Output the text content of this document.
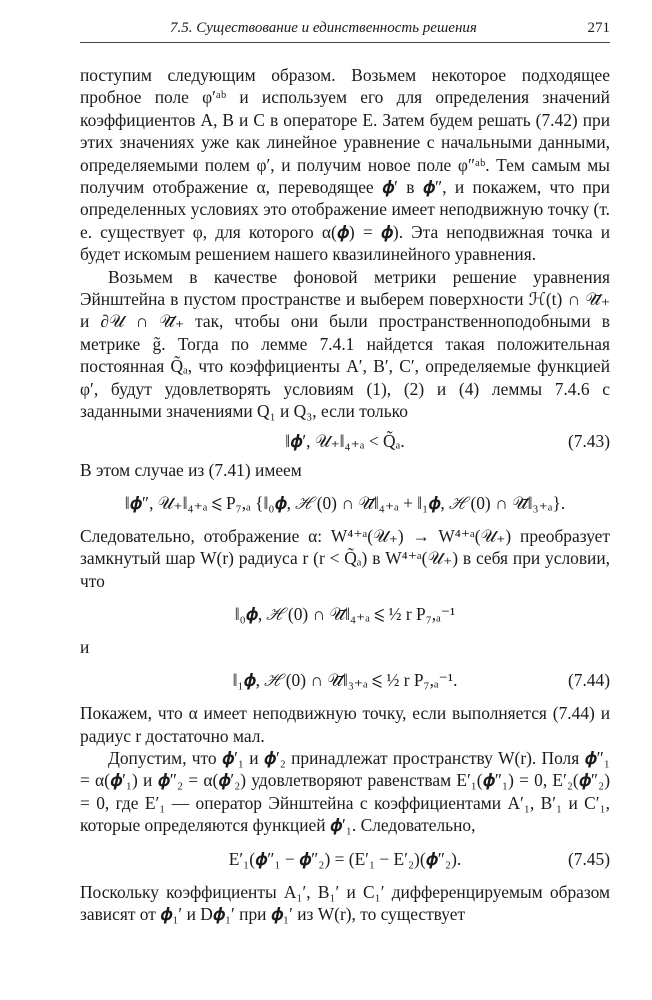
7.5. Существование и единственность решения	271

поступим следующим образом. Возьмем некоторое подходящее пробное поле φ′ᵃᵇ и используем его для определения значений коэффициентов A, B и C в операторе E. Затем будем решать (7.42) при этих значениях уже как линейное уравнение с начальными данными, определяемыми полем φ′, и получим новое поле φ″ᵃᵇ. Тем самым мы получим отображение α, переводящее 𝝓′ в 𝝓″, и покажем, что при определенных условиях это отображение имеет неподвижную точку (т. е. существует φ, для которого α(𝝓) = 𝝓). Эта неподвижная точка и будет искомым решением нашего квазилинейного уравнения.

Возьмем в качестве фоновой метрики решение уравнения Эйнштейна в пустом пространстве и выберем поверхности ℋ(t) ∩ 𝒰̄₊ и ∂𝒰 ∩ 𝒰̄₊ так, чтобы они были пространственноподобными в метрике g̃. Тогда по лемме 7.4.1 найдется такая положительная постоянная Q̃ₐ, что коэффициенты A′, B′, C′, определяемые функцией φ′, будут удовлетворять условиям (1), (2) и (4) леммы 7.4.6 с заданными значениями Q₁ и Q₃, если только

‖𝝓′, 𝒰₊‖₄₊ₐ < Q̃ₐ.	(7.43)

В этом случае из (7.41) имеем

‖𝝓″, 𝒰₊‖₄₊ₐ ⩽ P₇,ₐ {‖₀𝝓, ℋ(0) ∩ 𝒰̄‖₄₊ₐ + ‖₁𝝓, ℋ(0) ∩ 𝒰̄‖₃₊ₐ}.

Следовательно, отображение α: W⁴⁺ᵃ(𝒰₊) → W⁴⁺ᵃ(𝒰₊) преобразует замкнутый шар W(r) радиуса r (r < Q̃ₐ) в W⁴⁺ᵃ(𝒰₊) в себя при условии, что

‖₀𝝓, ℋ(0) ∩ 𝒰̄‖₄₊ₐ ⩽ ½ r P₇,ₐ⁻¹
и
‖₁𝝓, ℋ(0) ∩ 𝒰̄‖₃₊ₐ ⩽ ½ r P₇,ₐ⁻¹.	(7.44)

Покажем, что α имеет неподвижную точку, если выполняется (7.44) и радиус r достаточно мал.

Допустим, что 𝝓′₁ и 𝝓′₂ принадлежат пространству W(r). Поля 𝝓″₁ = α(𝝓′₁) и 𝝓″₂ = α(𝝓′₂) удовлетворяют равенствам E′₁(𝝓″₁) = 0, E′₂(𝝓″₂) = 0, где E′₁ — оператор Эйнштейна с коэффициентами A′₁, B′₁ и C′₁, которые определяются функцией 𝝓′₁. Следовательно,

E′₁(𝝓″₁ − 𝝓″₂) = (E′₁ − E′₂)(𝝓″₂).	(7.45)

Поскольку коэффициенты A₁′, B₁′ и C₁′ дифференцируемым образом зависят от 𝝓₁′ и D𝝓₁′ при 𝝓₁′ из W(r), то существует
